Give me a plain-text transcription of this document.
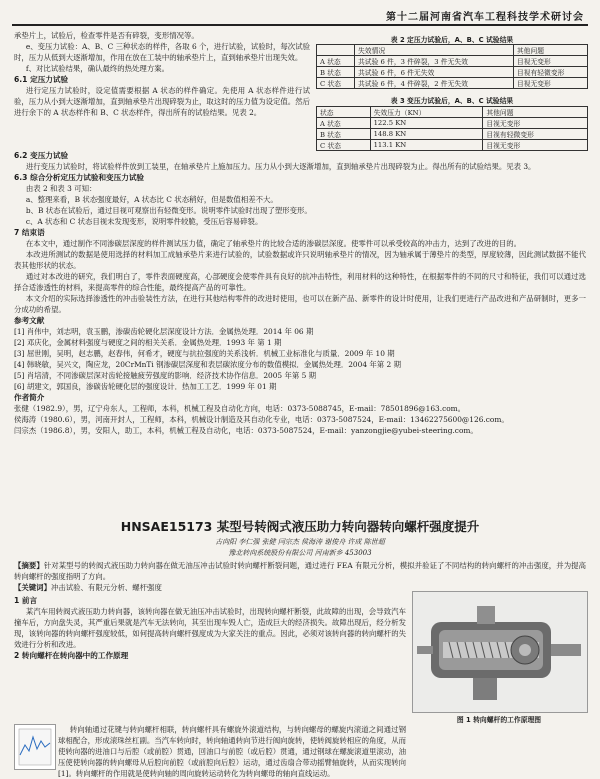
第十二届河南省汽车工程科技学术研讨会

承垫片上，试验后，检查零件是否有碎裂，变形情况等。

e、变压力试验：A、B、C 三种状态的样件，各取 6 个，进行试验，试验时，每次试验时，压力从低到大逐渐增加，作用在放在工装中的轴承垫片上，直到轴承垫片出现失效。

f、对比试验结果，确认最终的热处理方案。

6.1 定压力试验

进行定压力试验时，设定值需要根据 A 状态的样件确定。先使用 A 状态样件进行试验，压力从小到大逐渐增加，直到轴承垫片出现碎裂为止，取这时的压力值为设定值。然后进行余下的 A 状态样件和 B、C 状态样件，得出所有的试验结果。见表 2。

表 2 定压力试验后，A、B、C 试验结果
	失效情况	其他问题
A 状态	共试验 6 件，3 件碎裂，3 件无失效	目视无变形
B 状态	共试验 6 件，6 件无失效	目视有轻微变形
C 状态	共试验 6 件，4 件碎裂，2 件无失效	目视无变形
表 3 变压力试验后，A、B、C 试验结果
状态	失效压力（KN）	其他问题
A 状态	122.5 KN	目视无变形
B 状态	148.8 KN	目视有轻微变形
C 状态	113.1 KN	目视无变形

6.2 变压力试验

进行变压力试验时，将试验样件放到工装里，在轴承垫片上施加压力。压力从小到大逐渐增加，直到轴承垫片出现碎裂为止。得出所有的试验结果。见表 3。

6.3 综合分析定压力试验和变压力试验

由表 2 和表 3 可知：

a、整理来看，B 状态强度最好，A 状态比 C 状态稍好，但是数值相差不大。

b、B 状态在试验后，通过目视可观察出有轻微变形。说明零件试验时出现了塑形变形。

c、A 状态和 C 状态目视未发现变形，说明零件较脆，受压后容易碎裂。

7 结束语

在本文中，通过制作不同渗碳层深度的样件测试压力值，确定了轴承垫片的比较合适的渗碳层深度。使零件可以承受较高的冲击力，达到了改进的目的。

本改进所测试的数据是使用选择的材料加工成轴承垫片来进行试验的，试验数据或许只说明轴承垫片的情况，因为轴承属于薄垫片的类型，厚度较薄，因此测试数据不能代表其他形状的状态。

通过对本改进的研究，我们明白了，零件表面硬度高，心部硬度会使零件具有良好的抗冲击特性，利用材料的这种特性，在根据零件的不同的尺寸和特征，我们可以通过选择合适渗透性的材料，来提高零件的综合性能，最终提高产品的可靠性。

本文介绍的实际选择渗透性的冲击验装性方法，在进行其他结构零件的改进时使用，也可以在新产品、新零件的设计时使用，让我们更进行产品改进和产品研制时，更多一分成功的希望。

参考文献

[1] 肖伟中，刘志明，袁玉鹏，渗碳齿轮硬化层深度设计方法．金属热处理．2014 年 06 期

[2] 邓庆化，金属材料强度与硬度之间的相关关系．金属热处理．1993 年 第 1 期

[3] 屈世刚，吴明，赵志鹏，赵春伟，何希才，硬度与抗拉强度的关系浅析．机械工业标准化与质量．2009 年 10 期

[4] 韩晓敏，吴兴文，陶应龙，20CrMnTi 钢渗碳层深度和表层碳浓度分布的数值模拟．金属热处理．2004 年第 2 期

[5] 肖培清，不同渗碳层深对齿轮接触疲劳强度的影响．经济技术协作信息．2005 年第 5 期

[6] 胡建文，郭国良，渗碳齿轮硬化层的强度设计．热加工工艺．1999 年 01 期

作者简介

张健（1982.9），男，辽宁舟东人，工程师，本科，机械工程及自动化方向，电话：0373-5088745，E-mail：78501896@163.com。

侯海涛（1980.6），男，河南开封人，工程师，本科，机械设计制造及其自动化专业，电话：0373-5087524，E-mail：13462275600@126.com。

闫宗杰（1986.8），男，安阳人，助工，本科，机械工程及自动化，电话：0373-5087524，E-mail：yanzongjie@yubei-steering.com。

HNSAE15173 某型号转阀式液压助力转向器转向螺杆强度提升
古向阳 李仁强 张健 闫宗杰 侯海涛 谢俊舟 许成 陈世超
豫北转向系统股份有限公司 河南新乡 453003

【摘要】针对某型号的转阀式液压助力转向器在做无油压冲击试验时转向螺杆断裂问题，通过进行 FEA 有限元分析，模拟并验证了不同结构的转向螺杆的冲击强度，并为提高转向螺杆的强度指明了方向。

【关键词】冲击试验、有限元分析、螺杆强度

1 前言

某汽车用转阀式液压助力转向器，该转向器在做无油压冲击试验时，出现转向螺杆断裂，此故障的出现，会导致汽车撞车后，方向盘失灵，其严重后果就是汽车无法转向，其至出现车毁人亡，造成巨大的经济损失。故障出现后，经分析发现，该转向器的转向螺杆强度较低，如何提高转向螺杆强度成为大家关注的重点。因此，必须对该转向器的转向螺杆的失效进行分析和改进。

2 转向螺杆在转向器中的工作原理

转向轴通过花键与转向螺杆相联，转向螺杆具有螺旋外滚道结构，与转向螺母的螺旋内滚道之间通过钢球相配合，形成滚珠丝杠副。当汽车转向时，转向轴通转向节进行阀向旋转，使转阀旋转相应的角度，从而使转向器的进油口与后腔（或前腔）贯通，回油口与前腔（或后腔）贯通，通过钢球在螺旋滚道里滚动，油压使使转向器的转向螺母从后腔向前腔（或前腔向后腔）运动，通过齿扇合带动摇臂轴旋转，从而实现转向[1]。转向螺杆的作用就是使转向轴的周向旋转运动转化为转向螺母的轴向直线运动。

图 1 转向螺杆的工作原理图
